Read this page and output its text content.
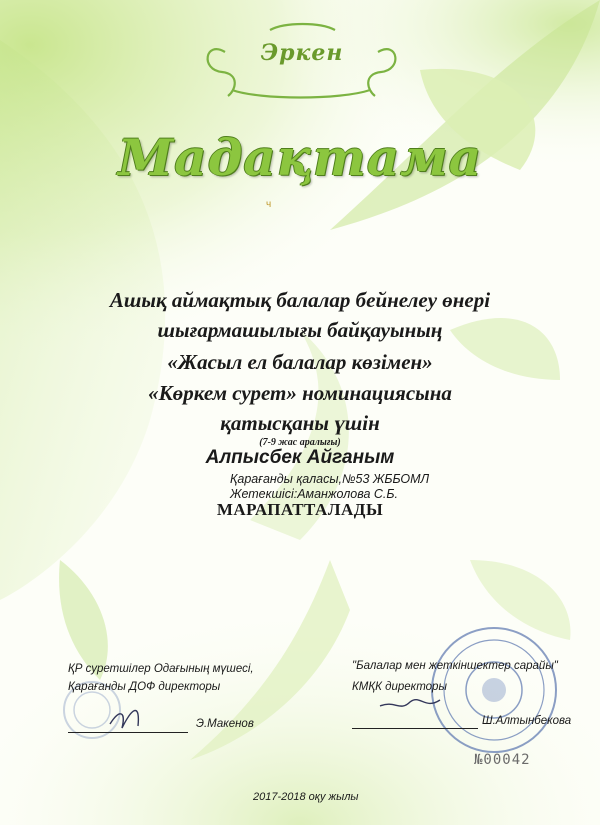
Эркен
Мадақтама
ч
Ашық аймақтық балалар бейнелеу өнері
шығармашылығы байқауының
«Жасыл ел балалар көзімен»
«Көркем сурет» номинациясына
қатысқаны үшін
(7-9 жас аралығы)
Алпысбек Айганым
Қарағанды қаласы,№53 ЖББОМЛ
Жетекшісі:Аманжолова С.Б.
МАРАПАТТАЛАДЫ
ҚР суретшілер Одағының мүшесі,
Қарағанды ДОФ директоры
Э.Макенов
"Балалар мен жеткіншектер сарайы"
КМҚК директоры
Ш.Алтынбекова
№00042
2017-2018 оқу жылы
